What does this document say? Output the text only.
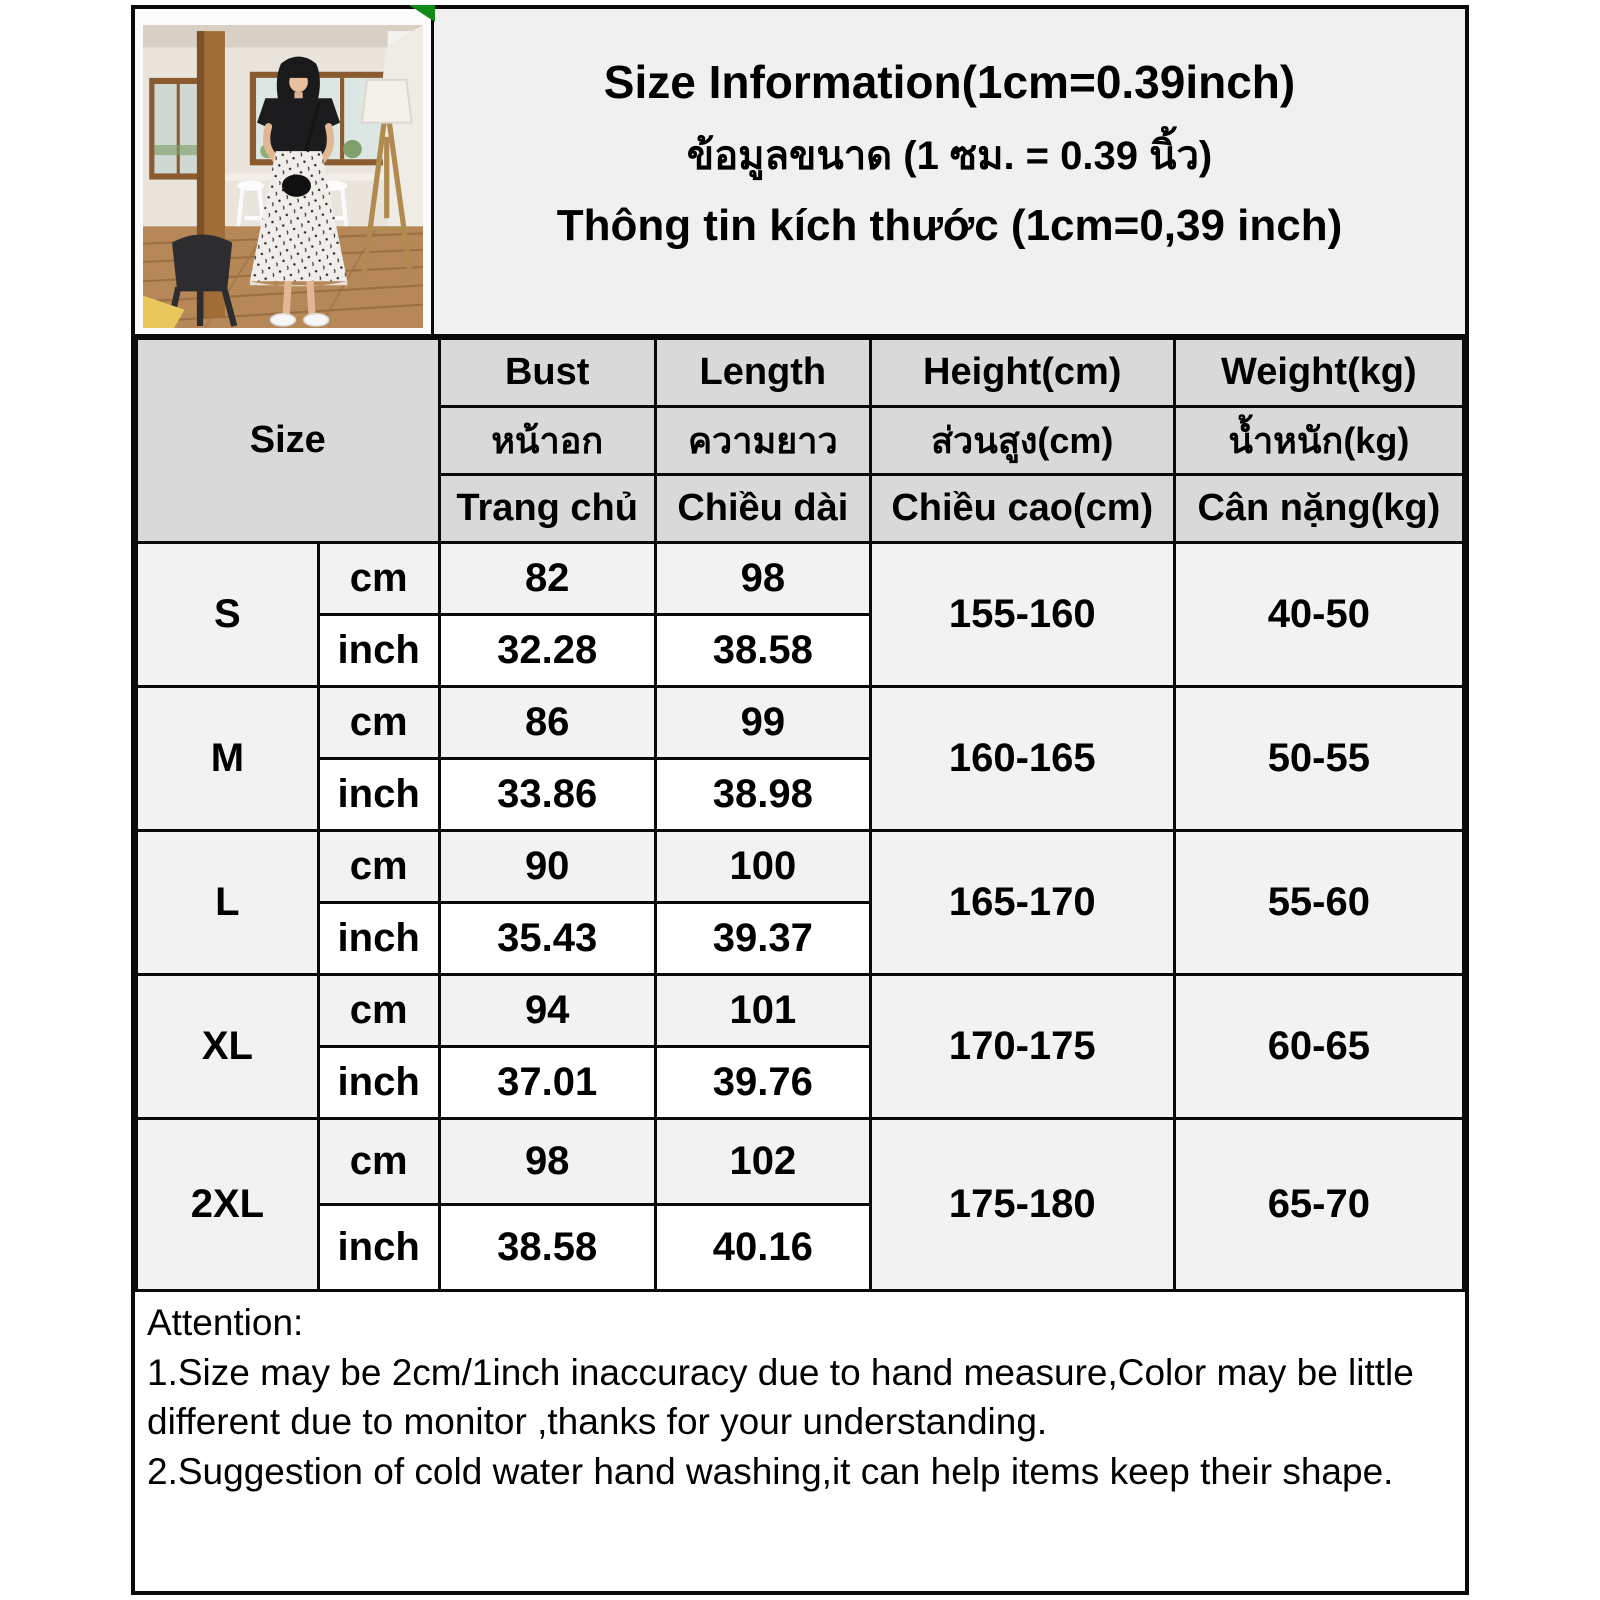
Size Information(1cm=0.39inch)
ข้อมูลขนาด (1 ซม. = 0.39 นิ้ว)
Thông tin kích thước (1cm=0,39 inch)
Size		Bust	Length	Height(cm)	Weight(kg)
		หน้าอก	ความยาว	ส่วนสูง(cm)	น้ำหนัก(kg)
		Trang chủ	Chiều dài	Chiều cao(cm)	Cân nặng(kg)
S	cm	82	98	155-160	40-50
	inch	32.28	38.58		
M	cm	86	99	160-165	50-55
	inch	33.86	38.98		
L	cm	90	100	165-170	55-60
	inch	35.43	39.37		
XL	cm	94	101	170-175	60-65
	inch	37.01	39.76		
2XL	cm	98	102	175-180	65-70
	inch	38.58	40.16		
Attention:
1.Size may be 2cm/1inch inaccuracy due to hand measure,Color may be little
different due to monitor ,thanks for your understanding.
2.Suggestion of cold water hand washing,it can help items keep their shape.
